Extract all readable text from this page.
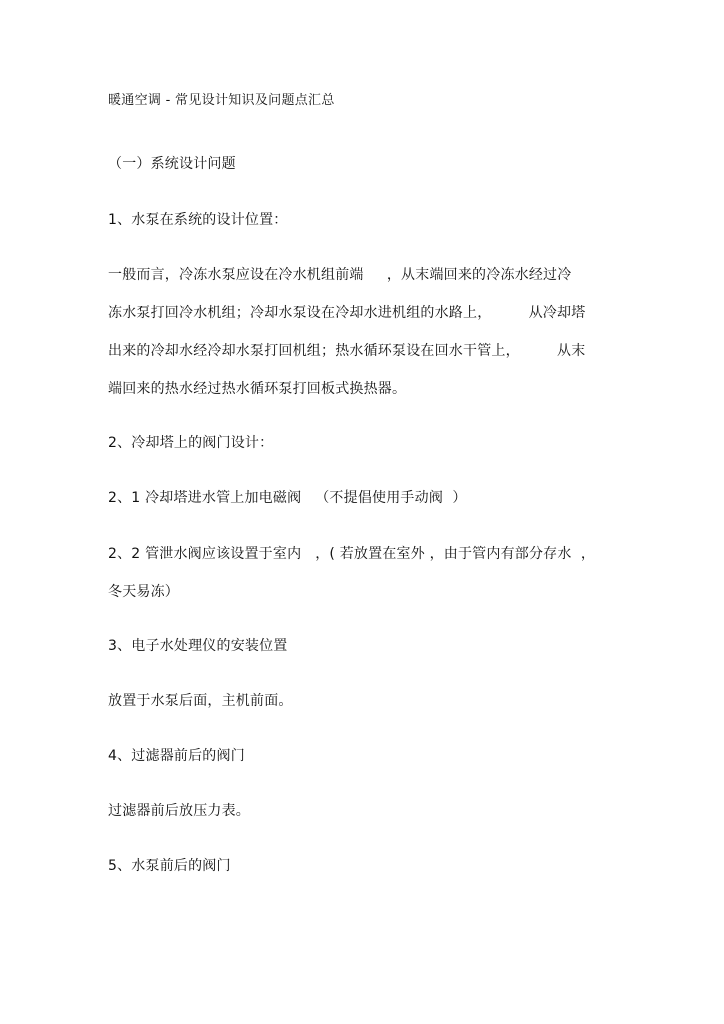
暖通空调 - 常见设计知识及问题点汇总
（一）系统设计问题
1、水泵在系统的设计位置：
一般而言，冷冻水泵应设在冷水机组前端     ，从末端回来的冷冻水经过冷
冻水泵打回冷水机组；冷却水泵设在冷却水进机组的水路上，        从冷却塔
出来的冷却水经冷却水泵打回机组；热水循环泵设在回水干管上，        从末
端回来的热水经过热水循环泵打回板式换热器。
2、冷却塔上的阀门设计：
2、1 冷却塔进水管上加电磁阀   （不提倡使用手动阀  ）
2、2 管泄水阀应该设置于室内   ，( 若放置在室外 ，由于管内有部分存水  ，
冬天易冻）
3、电子水处理仪的安装位置
放置于水泵后面，主机前面。
4、过滤器前后的阀门
过滤器前后放压力表。
5、水泵前后的阀门
